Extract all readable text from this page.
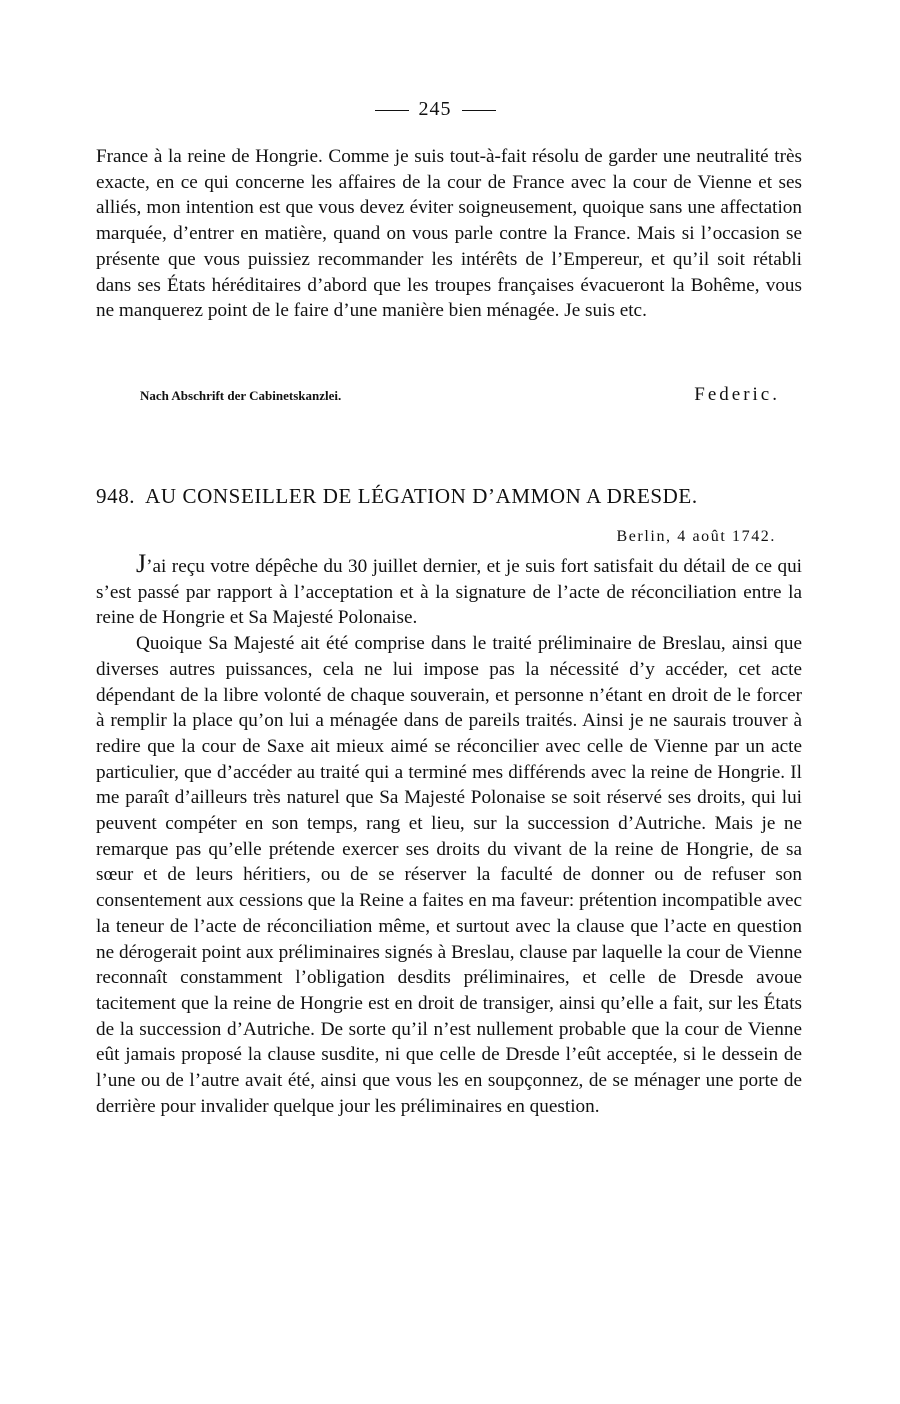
245

France à la reine de Hongrie. Comme je suis tout-à-fait résolu de garder une neutralité très exacte, en ce qui concerne les affaires de la cour de France avec la cour de Vienne et ses alliés, mon intention est que vous devez éviter soigneusement, quoique sans une affectation marquée, d’entrer en matière, quand on vous parle contre la France. Mais si l’occasion se présente que vous puissiez recommander les intérêts de l’Empereur, et qu’il soit rétabli dans ses États héréditaires d’abord que les troupes françaises évacueront la Bohême, vous ne manquerez point de le faire d’une manière bien ménagée. Je suis etc.

Nach Abschrift der Cabinetskanzlei.	Federic.
948. AU CONSEILLER DE LÉGATION D’AMMON A DRESDE.
Berlin, 4 août 1742.

J’ai reçu votre dépêche du 30 juillet dernier, et je suis fort satisfait du détail de ce qui s’est passé par rapport à l’acceptation et à la signature de l’acte de réconciliation entre la reine de Hongrie et Sa Majesté Polonaise.

Quoique Sa Majesté ait été comprise dans le traité préliminaire de Breslau, ainsi que diverses autres puissances, cela ne lui impose pas la nécessité d’y accéder, cet acte dépendant de la libre volonté de chaque souverain, et personne n’étant en droit de le forcer à remplir la place qu’on lui a ménagée dans de pareils traités. Ainsi je ne saurais trouver à redire que la cour de Saxe ait mieux aimé se réconcilier avec celle de Vienne par un acte particulier, que d’accéder au traité qui a terminé mes différends avec la reine de Hongrie. Il me paraît d’ailleurs très naturel que Sa Majesté Polonaise se soit réservé ses droits, qui lui peuvent compéter en son temps, rang et lieu, sur la succession d’Autriche. Mais je ne remarque pas qu’elle prétende exercer ses droits du vivant de la reine de Hongrie, de sa sœur et de leurs héritiers, ou de se réserver la faculté de donner ou de refuser son consentement aux cessions que la Reine a faites en ma faveur: prétention incompatible avec la teneur de l’acte de réconciliation même, et surtout avec la clause que l’acte en question ne dérogerait point aux préliminaires signés à Breslau, clause par laquelle la cour de Vienne reconnaît constamment l’obligation desdits préliminaires, et celle de Dresde avoue tacitement que la reine de Hongrie est en droit de transiger, ainsi qu’elle a fait, sur les États de la succession d’Autriche. De sorte qu’il n’est nullement probable que la cour de Vienne eût jamais proposé la clause susdite, ni que celle de Dresde l’eût acceptée, si le dessein de l’une ou de l’autre avait été, ainsi que vous les en soupçonnez, de se ménager une porte de derrière pour invalider quelque jour les préliminaires en question.
